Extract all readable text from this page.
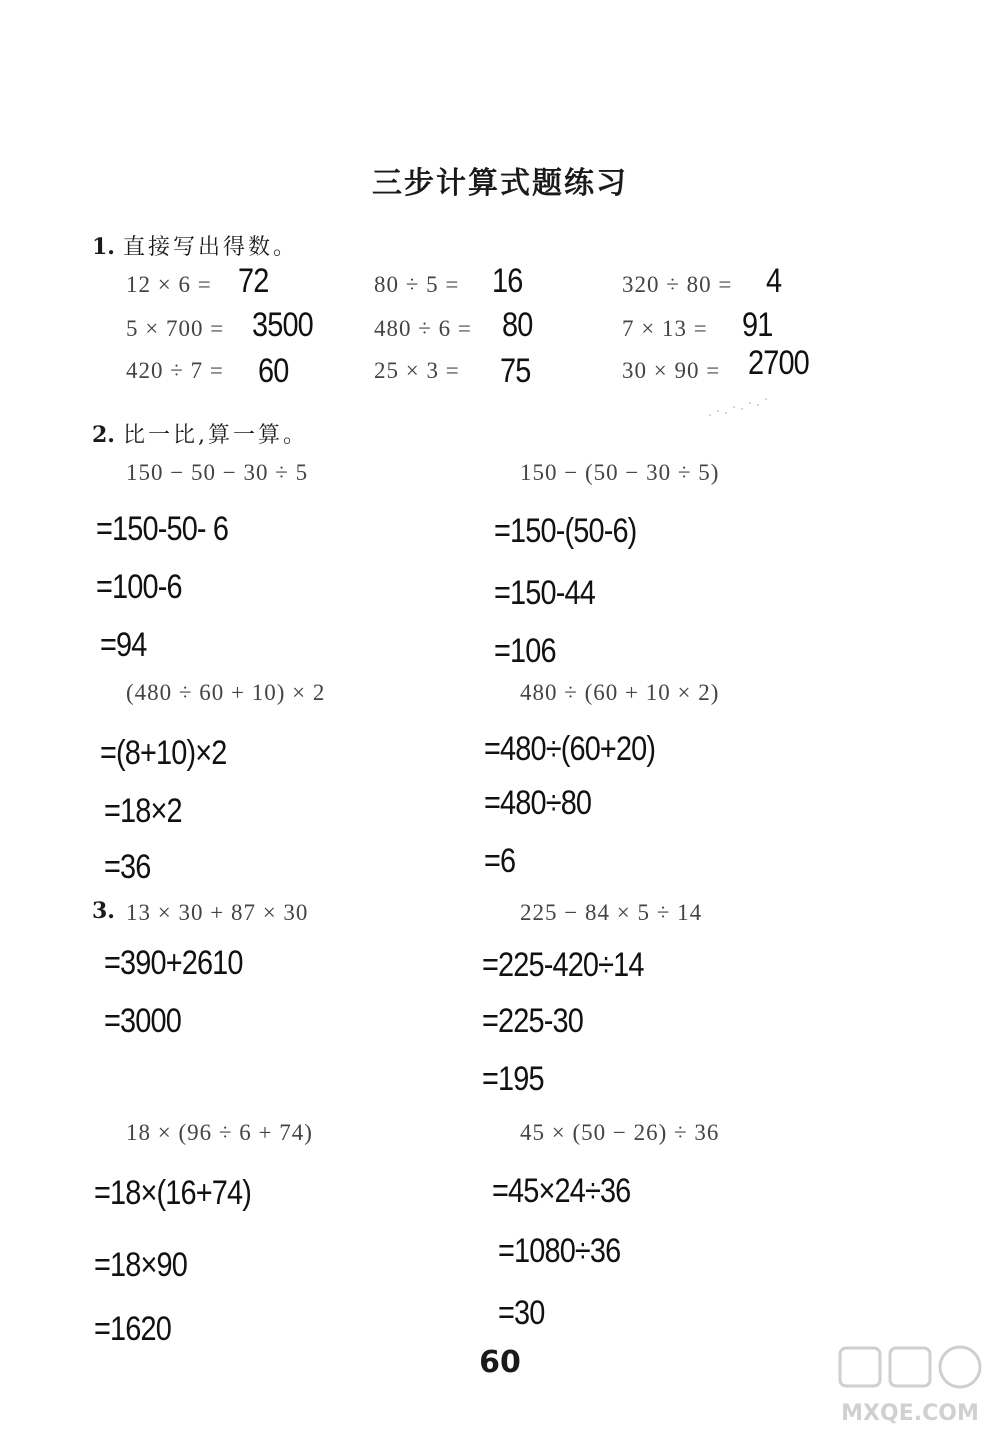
三步计算式题练习
1. 直接写出得数。
12 × 6 = 72	80 ÷ 5 = 16	320 ÷ 80 = 4
5 × 700 = 3500	480 ÷ 6 = 80	7 × 13 = 91
420 ÷ 7 = 60	25 × 3 = 75	30 × 90 = 2700
2. 比一比,算一算。
150 − 50 − 30 ÷ 5
=150-50- 6
=100-6
=94
150 − (50 − 30 ÷ 5)
=150-(50-6)
=150-44
=106
(480 ÷ 60 + 10) × 2
=(8+10)×2
=18×2
=36
480 ÷ (60 + 10 × 2)
=480÷(60+20)
=480÷80
=6
3. 13 × 30 + 87 × 30
=390+2610
=3000
225 − 84 × 5 ÷ 14
=225-420÷14
=225-30
=195
18 × (96 ÷ 6 + 74)
=18×(16+74)
=18×90
=1620
45 × (50 − 26) ÷ 36
=45×24÷36
=1080÷36
=30
60
MXQE.COM
